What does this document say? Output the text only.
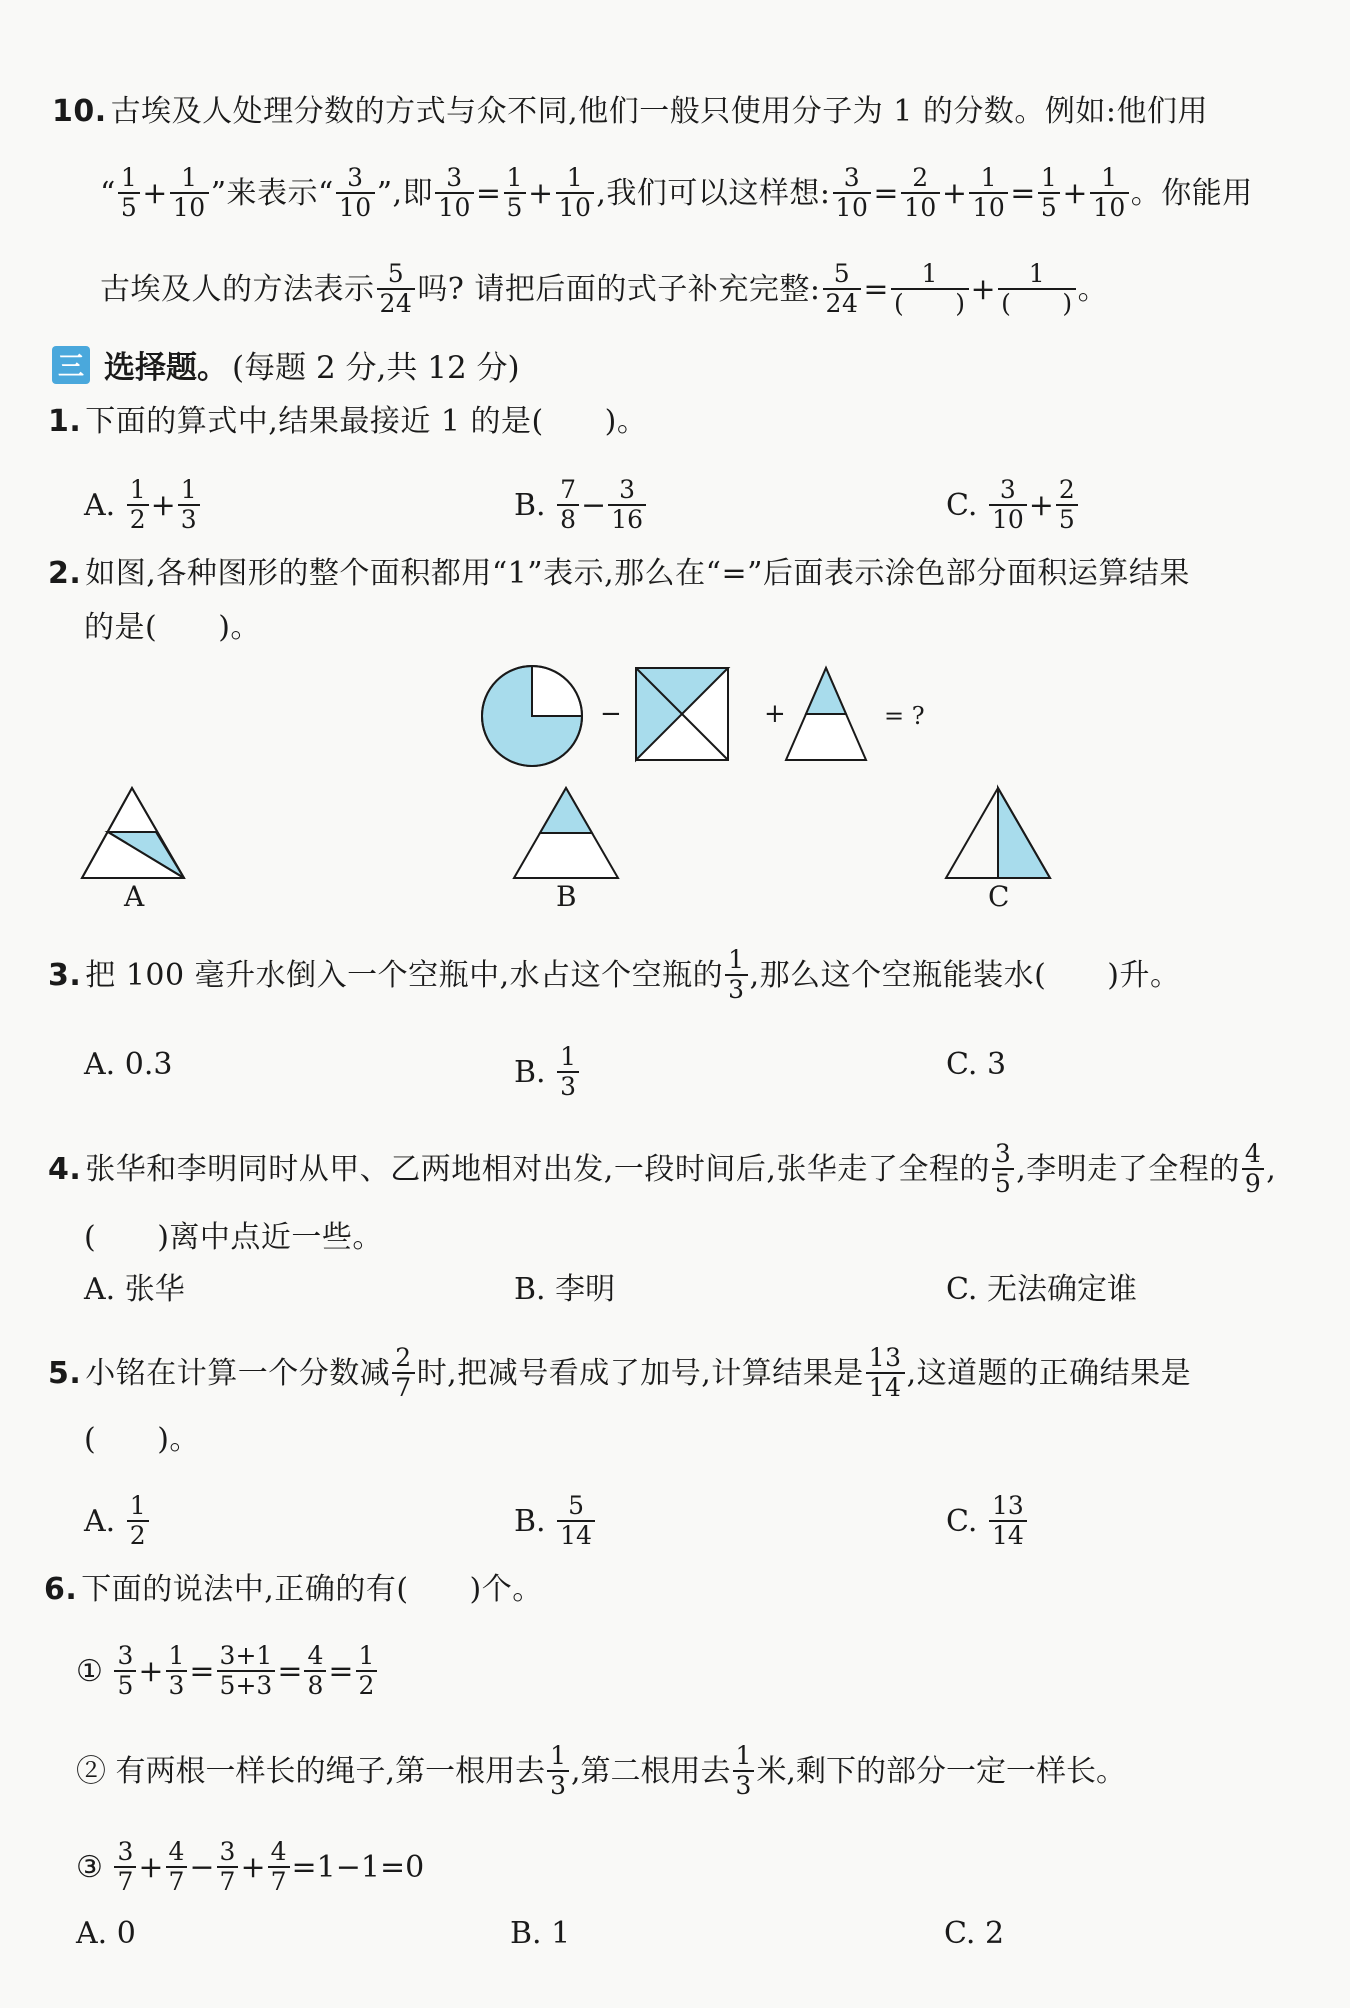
10. 古埃及人处理分数的方式与众不同,他们一般只使用分子为 1 的分数。例如:他们用
“ $\frac{1}{5} + \frac{1}{10}$ ”来表示“ $\frac{3}{10}$ ”,即 $\frac{3}{10} = \frac{1}{5} + \frac{1}{10}$ ,我们可以这样想: $\frac{3}{10} = \frac{2}{10} + \frac{1}{10} = \frac{1}{5} + \frac{1}{10}$ 。你能用
古埃及人的方法表示 $\frac{5}{24}$ 吗? 请把后面的式子补充完整: $\frac{5}{24} = \frac{1}{( )} + \frac{1}{( )}$ 。
三 选择题。 (每题 2 分,共 12 分)
1. 下面的算式中,结果最接近 1 的是(　　)。
A. $\frac{1}{2} + \frac{1}{3}$	B. $\frac{7}{8} - \frac{3}{16}$	C. $\frac{3}{10} + \frac{2}{5}$
2. 如图,各种图形的整个面积都用“1”表示,那么在“=”后面表示涂色部分面积运算结果
的是(　　)。
−	+	= ?
A	B	C
3. 把 100 毫升水倒入一个空瓶中,水占这个空瓶的 $\frac{1}{3}$ ,那么这个空瓶能装水(　　)升。
A. 0.3	B. $\frac{1}{3}$	C. 3
4. 张华和李明同时从甲、乙两地相对出发,一段时间后,张华走了全程的 $\frac{3}{5}$ ,李明走了全程的 $\frac{4}{9}$ ,
(　　)离中点近一些。
A. 张华	B. 李明	C. 无法确定谁
5. 小铭在计算一个分数减 $\frac{2}{7}$ 时,把减号看成了加号,计算结果是 $\frac{13}{14}$ ,这道题的正确结果是
(　　)。
A. $\frac{1}{2}$	B. $\frac{5}{14}$	C. $\frac{13}{14}$
6. 下面的说法中,正确的有(　　)个。
① $\frac{3}{5} + \frac{1}{3} = \frac{3+1}{5+3} = \frac{4}{8} = \frac{1}{2}$
② 有两根一样长的绳子,第一根用去 $\frac{1}{3}$ ,第二根用去 $\frac{1}{3}$ 米,剩下的部分一定一样长。
③ $\frac{3}{7} + \frac{4}{7} - \frac{3}{7} + \frac{4}{7} =1-1=0$
A. 0	B. 1	C. 2
